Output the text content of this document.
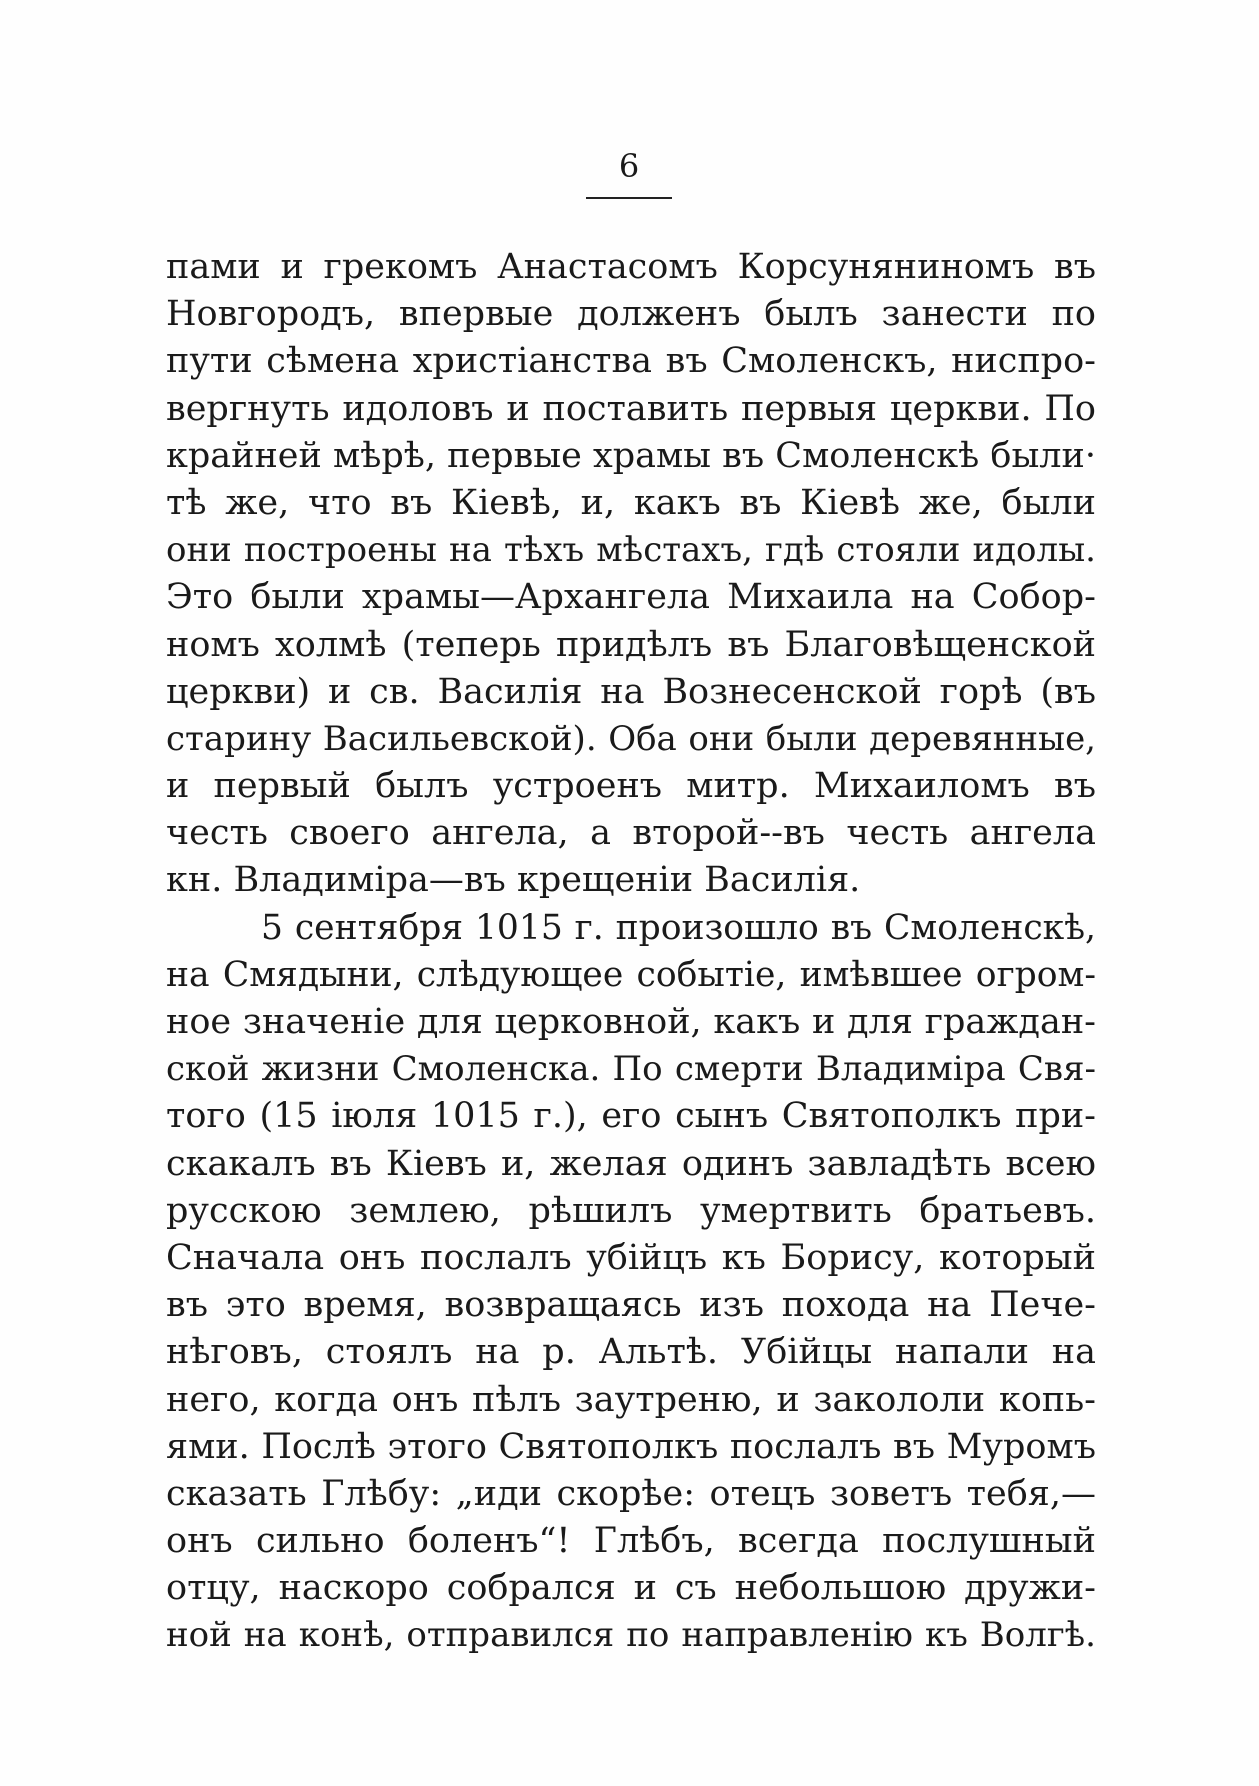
6
пами и грекомъ Анастасомъ Корсуняниномъ въ
Новгородъ, впервые долженъ былъ занести по
пути сѣмена христіанства въ Смоленскъ, ниспро-
вергнуть идоловъ и поставить первыя церкви. По
крайней мѣрѣ, первые храмы въ Смоленскѣ были·
тѣ же, что въ Кіевѣ, и, какъ въ Кіевѣ же, были
они построены на тѣхъ мѣстахъ, гдѣ стояли идолы.
Это были храмы—Архангела Михаила на Собор-
номъ холмѣ (теперь придѣлъ въ Благовѣщенской
церкви) и св. Василія на Вознесенской горѣ (въ
старину Васильевской). Оба они были деревянные,
и первый былъ устроенъ митр. Михаиломъ въ
честь своего ангела, а второй--въ честь ангела
кн. Владиміра—въ крещеніи Василія.
5 сентября 1015 г. произошло въ Смоленскѣ,
на Смядыни, слѣдующее событіе, имѣвшее огром-
ное значеніе для церковной, какъ и для граждан-
ской жизни Смоленска. По смерти Владиміра Свя-
того (15 іюля 1015 г.), его сынъ Святополкъ при-
скакалъ въ Кіевъ и, желая одинъ завладѣть всею
русскою землею, рѣшилъ умертвить братьевъ.
Сначала онъ послалъ убійцъ къ Борису, который
въ это время, возвращаясь изъ похода на Пече-
нѣговъ, стоялъ на р. Альтѣ. Убійцы напали на
него, когда онъ пѣлъ заутреню, и закололи копь-
ями. Послѣ этого Святополкъ послалъ въ Муромъ
сказать Глѣбу: „иди скорѣе: отецъ зоветъ тебя,—
онъ сильно боленъ“! Глѣбъ, всегда послушный
отцу, наскоро собрался и съ небольшою дружи-
ной на конѣ, отправился по направленію къ Волгѣ.
